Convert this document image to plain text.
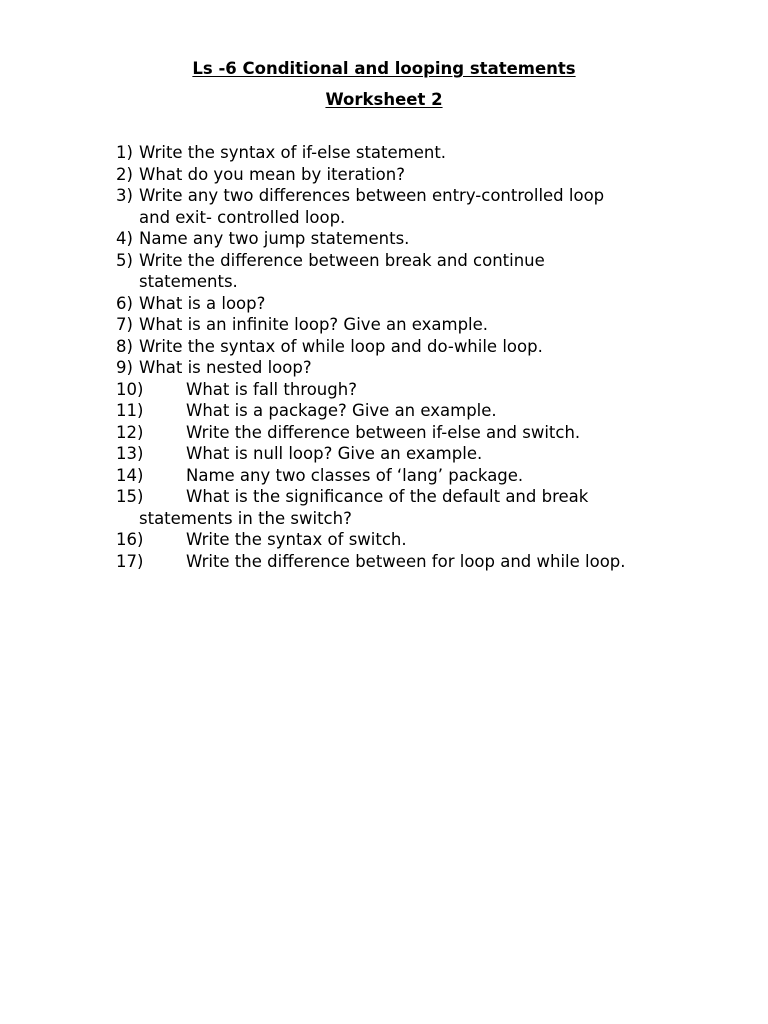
Ls -6 Conditional and looping statements
Worksheet 2
1) Write the syntax of if-else statement.
2) What do you mean by iteration?
3) Write any two differences between entry-controlled loop
and exit- controlled loop.
4) Name any two jump statements.
5) Write the difference between break and continue
statements.
6) What is a loop?
7) What is an infinite loop? Give an example.
8) Write the syntax of while loop and do-while loop.
9) What is nested loop?
10)	What is fall through?
11)	What is a package? Give an example.
12)	Write the difference between if-else and switch.
13)	What is null loop? Give an example.
14)	Name any two classes of ‘lang’ package.
15)	What is the significance of the default and break
statements in the switch?
16)	Write the syntax of switch.
17)	Write the difference between for loop and while loop.
